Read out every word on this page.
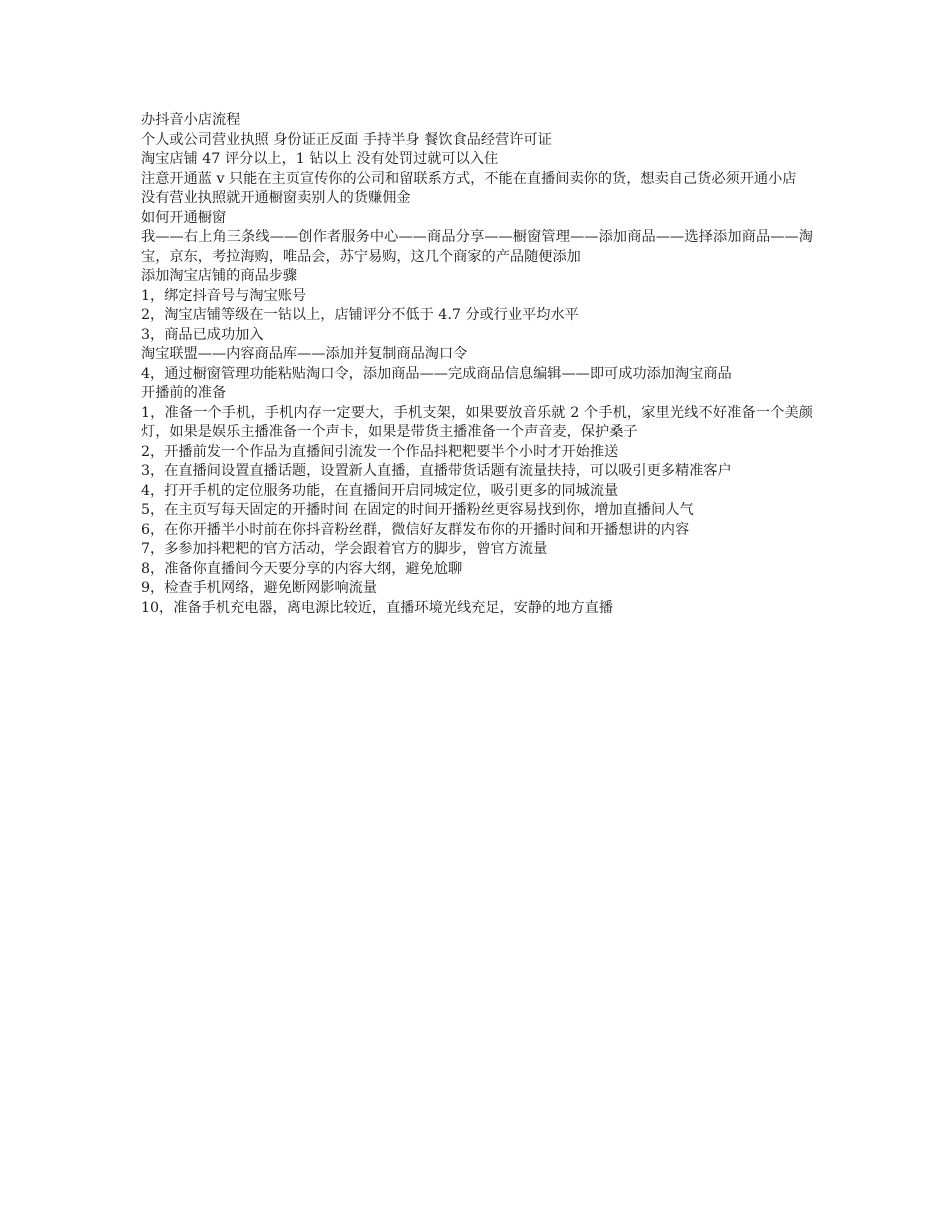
办抖音小店流程

个人或公司营业执照 身份证正反面 手持半身 餐饮食品经营许可证

淘宝店铺 47 评分以上，1 钻以上 没有处罚过就可以入住

注意开通蓝 v 只能在主页宣传你的公司和留联系方式，不能在直播间卖你的货，想卖自己货必须开通小店

没有营业执照就开通橱窗卖别人的货赚佣金

如何开通橱窗

我——右上角三条线——创作者服务中心——商品分享——橱窗管理——添加商品——选择添加商品——淘宝，京东，考拉海购，唯品会，苏宁易购，这几个商家的产品随便添加

添加淘宝店铺的商品步骤

1，绑定抖音号与淘宝账号

2，淘宝店铺等级在一钻以上，店铺评分不低于 4.7 分或行业平均水平

3，商品已成功加入

淘宝联盟——内容商品库——添加并复制商品淘口令

4，通过橱窗管理功能粘贴淘口令，添加商品——完成商品信息编辑——即可成功添加淘宝商品

开播前的准备

1，准备一个手机，手机内存一定要大，手机支架，如果要放音乐就 2 个手机，家里光线不好准备一个美颜灯，如果是娱乐主播准备一个声卡，如果是带货主播准备一个声音麦，保护桑子

2，开播前发一个作品为直播间引流发一个作品抖粑粑要半个小时才开始推送

3，在直播间设置直播话题，设置新人直播，直播带货话题有流量扶持，可以吸引更多精准客户

4，打开手机的定位服务功能，在直播间开启同城定位，吸引更多的同城流量

5，在主页写每天固定的开播时间 在固定的时间开播粉丝更容易找到你，增加直播间人气

6，在你开播半小时前在你抖音粉丝群，微信好友群发布你的开播时间和开播想讲的内容

7，多参加抖粑粑的官方活动，学会跟着官方的脚步，曾官方流量

8，准备你直播间今天要分享的内容大纲，避免尬聊

9，检查手机网络，避免断网影响流量

10，准备手机充电器，离电源比较近，直播环境光线充足，安静的地方直播
